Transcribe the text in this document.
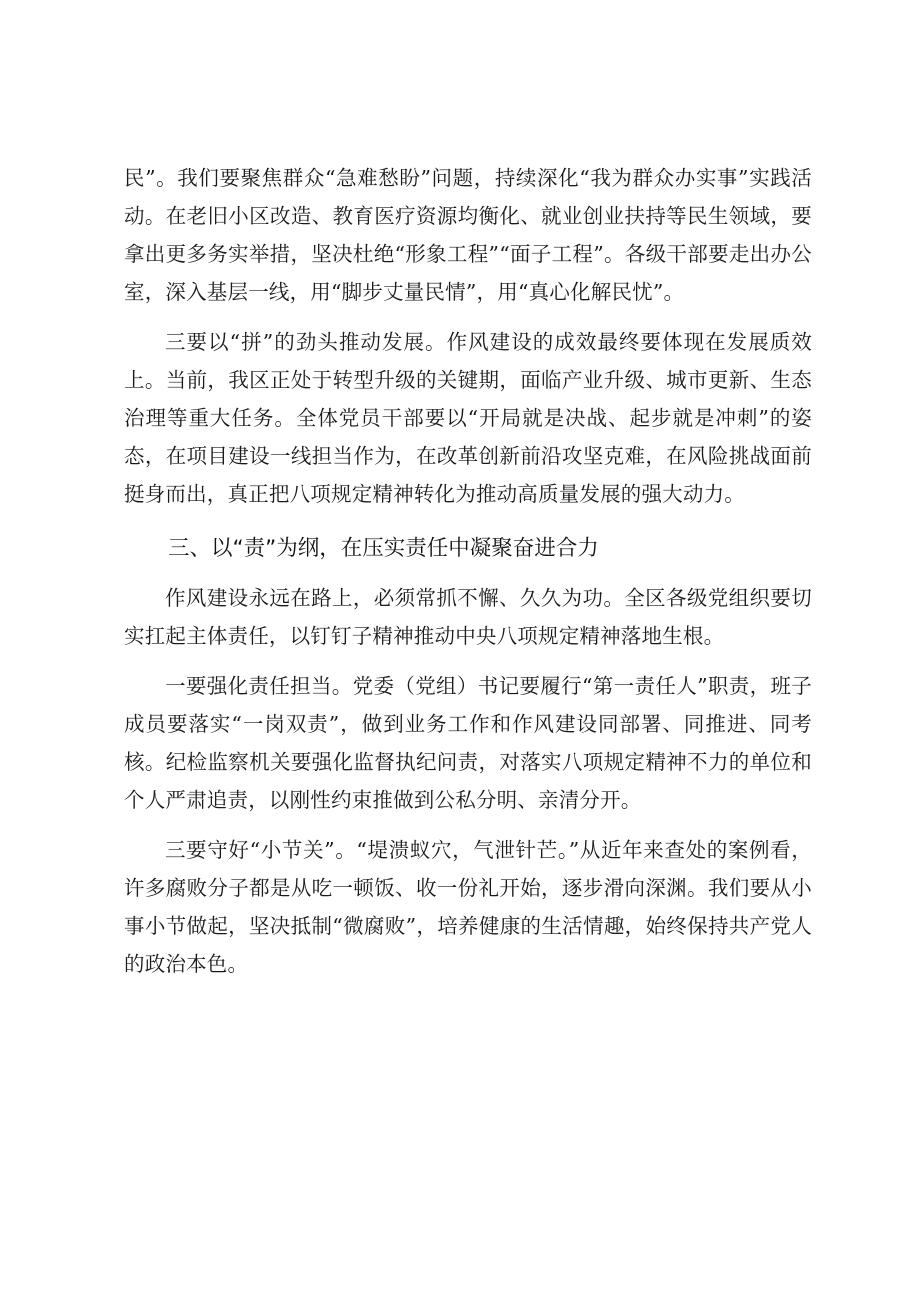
民”。我们要聚焦群众“急难愁盼”问题，持续深化“我为群众办实事”实践活动。在老旧小区改造、教育医疗资源均衡化、就业创业扶持等民生领域，要拿出更多务实举措，坚决杜绝“形象工程”“面子工程”。各级干部要走出办公室，深入基层一线，用“脚步丈量民情”，用“真心化解民忧”。

三要以“拼”的劲头推动发展。作风建设的成效最终要体现在发展质效上。当前，我区正处于转型升级的关键期，面临产业升级、城市更新、生态治理等重大任务。全体党员干部要以“开局就是决战、起步就是冲刺”的姿态，在项目建设一线担当作为，在改革创新前沿攻坚克难，在风险挑战面前挺身而出，真正把八项规定精神转化为推动高质量发展的强大动力。

三、以“责”为纲，在压实责任中凝聚奋进合力

作风建设永远在路上，必须常抓不懈、久久为功。全区各级党组织要切实扛起主体责任，以钉钉子精神推动中央八项规定精神落地生根。

一要强化责任担当。党委（党组）书记要履行“第一责任人”职责，班子成员要落实“一岗双责”，做到业务工作和作风建设同部署、同推进、同考核。纪检监察机关要强化监督执纪问责，对落实八项规定精神不力的单位和个人严肃追责，以刚性约束推做到公私分明、亲清分开。

三要守好“小节关”。“堤溃蚁穴，气泄针芒。”从近年来查处的案例看，许多腐败分子都是从吃一顿饭、收一份礼开始，逐步滑向深渊。我们要从小事小节做起，坚决抵制“微腐败”，培养健康的生活情趣，始终保持共产党人的政治本色。
